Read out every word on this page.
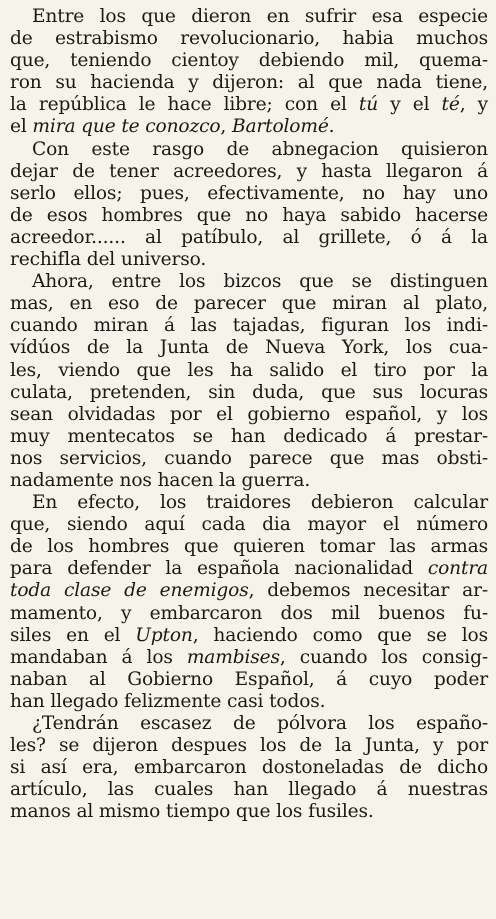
Entre los que dieron en sufrir esa especie
de estrabismo revolucionario, habia muchos
que, teniendo cientoy debiendo mil, quema-
ron su hacienda y dijeron: al que nada tiene,
la república le hace libre; con el tú y el té, y
el mira que te conozco, Bartolomé.
Con este rasgo de abnegacion quisieron
dejar de tener acreedores, y hasta llegaron á
serlo ellos; pues, efectivamente, no hay uno
de esos hombres que no haya sabido hacerse
acreedor...... al patíbulo, al grillete, ó á la
rechifla del universo.
Ahora, entre los bizcos que se distinguen
mas, en eso de parecer que miran al plato,
cuando miran á las tajadas, figuran los indi-
vídúos de la Junta de Nueva York, los cua-
les, viendo que les ha salido el tiro por la
culata, pretenden, sin duda, que sus locuras
sean olvidadas por el gobierno español, y los
muy mentecatos se han dedicado á prestar-
nos servicios, cuando parece que mas obsti-
nadamente nos hacen la guerra.
En efecto, los traidores debieron calcular
que, siendo aquí cada dia mayor el número
de los hombres que quieren tomar las armas
para defender la española nacionalidad contra
toda clase de enemigos, debemos necesitar ar-
mamento, y embarcaron dos mil buenos fu-
siles en el Upton, haciendo como que se los
mandaban á los mambises, cuando los consig-
naban al Gobierno Español, á cuyo poder
han llegado felizmente casi todos.
¿Tendrán escasez de pólvora los españo-
les? se dijeron despues los de la Junta, y por
si así era, embarcaron dostoneladas de dicho
artículo, las cuales han llegado á nuestras
manos al mismo tiempo que los fusiles.
